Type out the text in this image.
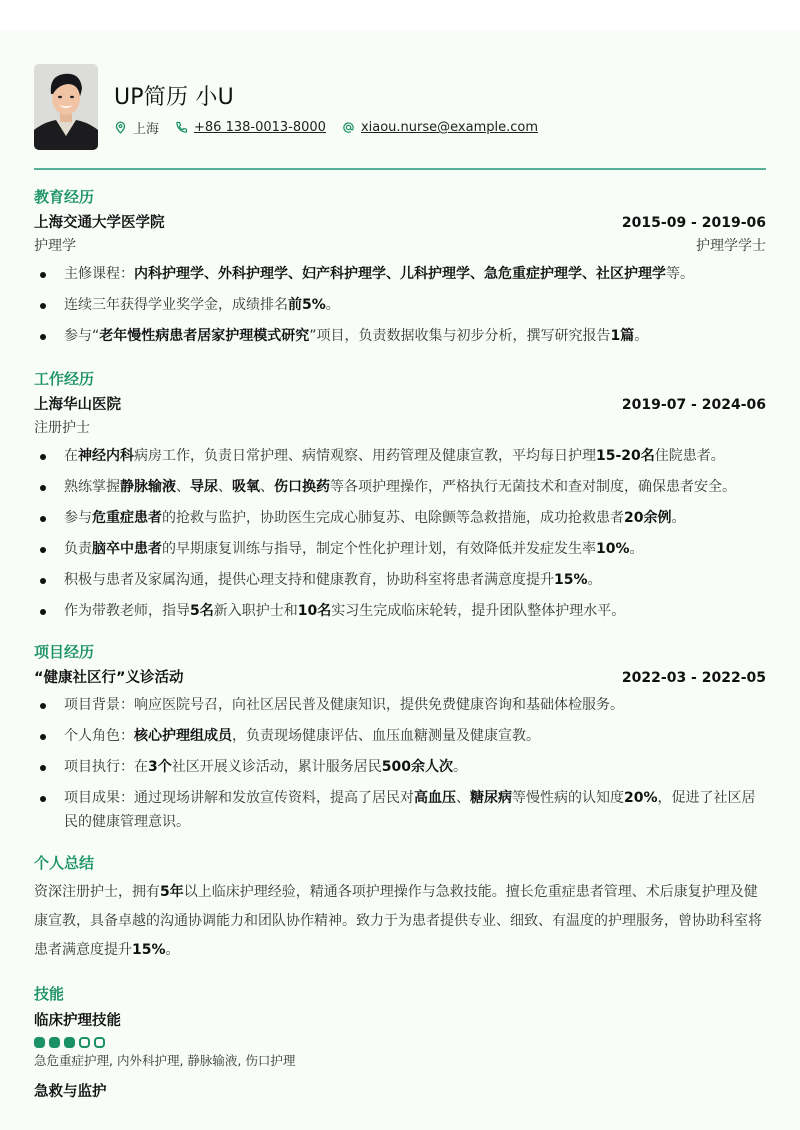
UP简历 小U
上海	+86 138-0013-8000	xiaou.nurse@example.com
教育经历
上海交通大学医学院	2015-09 - 2019-06
护理学	护理学学士
主修课程：内科护理学、外科护理学、妇产科护理学、儿科护理学、急危重症护理学、社区护理学等。
连续三年获得学业奖学金，成绩排名前5%。
参与“老年慢性病患者居家护理模式研究”项目，负责数据收集与初步分析，撰写研究报告1篇。
工作经历
上海华山医院	2019-07 - 2024-06
注册护士
在神经内科病房工作，负责日常护理、病情观察、用药管理及健康宣教，平均每日护理15-20名住院患者。
熟练掌握静脉输液、导尿、吸氧、伤口换药等各项护理操作，严格执行无菌技术和查对制度，确保患者安全。
参与危重症患者的抢救与监护，协助医生完成心肺复苏、电除颤等急救措施，成功抢救患者20余例。
负责脑卒中患者的早期康复训练与指导，制定个性化护理计划，有效降低并发症发生率10%。
积极与患者及家属沟通，提供心理支持和健康教育，协助科室将患者满意度提升15%。
作为带教老师，指导5名新入职护士和10名实习生完成临床轮转，提升团队整体护理水平。
项目经历
“健康社区行”义诊活动	2022-03 - 2022-05
项目背景：响应医院号召，向社区居民普及健康知识，提供免费健康咨询和基础体检服务。
个人角色：核心护理组成员，负责现场健康评估、血压血糖测量及健康宣教。
项目执行：在3个社区开展义诊活动，累计服务居民500余人次。
项目成果：通过现场讲解和发放宣传资料，提高了居民对高血压、糖尿病等慢性病的认知度20%，促进了社区居民的健康管理意识。
个人总结
资深注册护士，拥有5年以上临床护理经验，精通各项护理操作与急救技能。擅长危重症患者管理、术后康复护理及健康宣教，具备卓越的沟通协调能力和团队协作精神。致力于为患者提供专业、细致、有温度的护理服务，曾协助科室将患者满意度提升15%。
技能
临床护理技能
急危重症护理, 内外科护理, 静脉输液, 伤口护理
急救与监护
